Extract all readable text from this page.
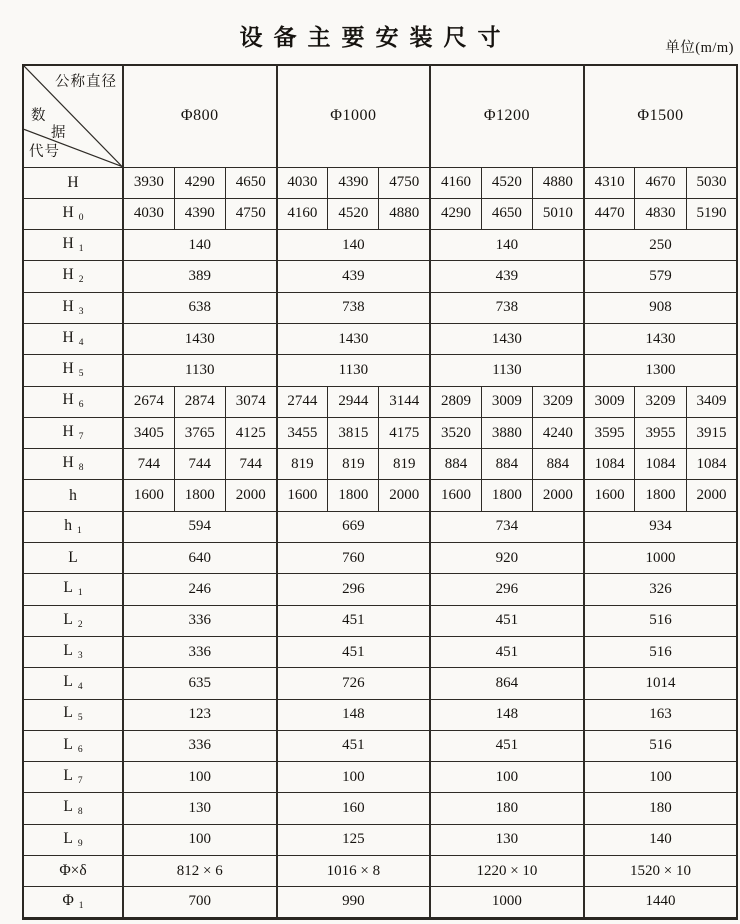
设备主要安装尺寸	单位(m/m)
公称直径
数
据
代号	Φ800			Φ1000			Φ1200			Φ1500		
H	3930	4290	4650	4030	4390	4750	4160	4520	4880	4310	4670	5030
H $_0$	4030	4390	4750	4160	4520	4880	4290	4650	5010	4470	4830	5190
H $_1$	140			140			140			250		
H $_2$	389			439			439			579		
H $_3$	638			738			738			908		
H $_4$	1430			1430			1430			1430		
H $_5$	1130			1130			1130			1300		
H $_6$	2674	2874	3074	2744	2944	3144	2809	3009	3209	3009	3209	3409
H $_7$	3405	3765	4125	3455	3815	4175	3520	3880	4240	3595	3955	3915
H $_8$	744	744	744	819	819	819	884	884	884	1084	1084	1084
h	1600	1800	2000	1600	1800	2000	1600	1800	2000	1600	1800	2000
h $_1$	594			669			734			934		
L	640			760			920			1000		
L $_1$	246			296			296			326		
L $_2$	336			451			451			516		
L $_3$	336			451			451			516		
L $_4$	635			726			864			1014		
L $_5$	123			148			148			163		
L $_6$	336			451			451			516		
L $_7$	100			100			100			100		
L $_8$	130			160			180			180		
L $_9$	100			125			130			140		
Φ×δ	812 × 6			1016 × 8			1220 × 10			1520 × 10		
Φ $_1$	700			990			1000			1440		
